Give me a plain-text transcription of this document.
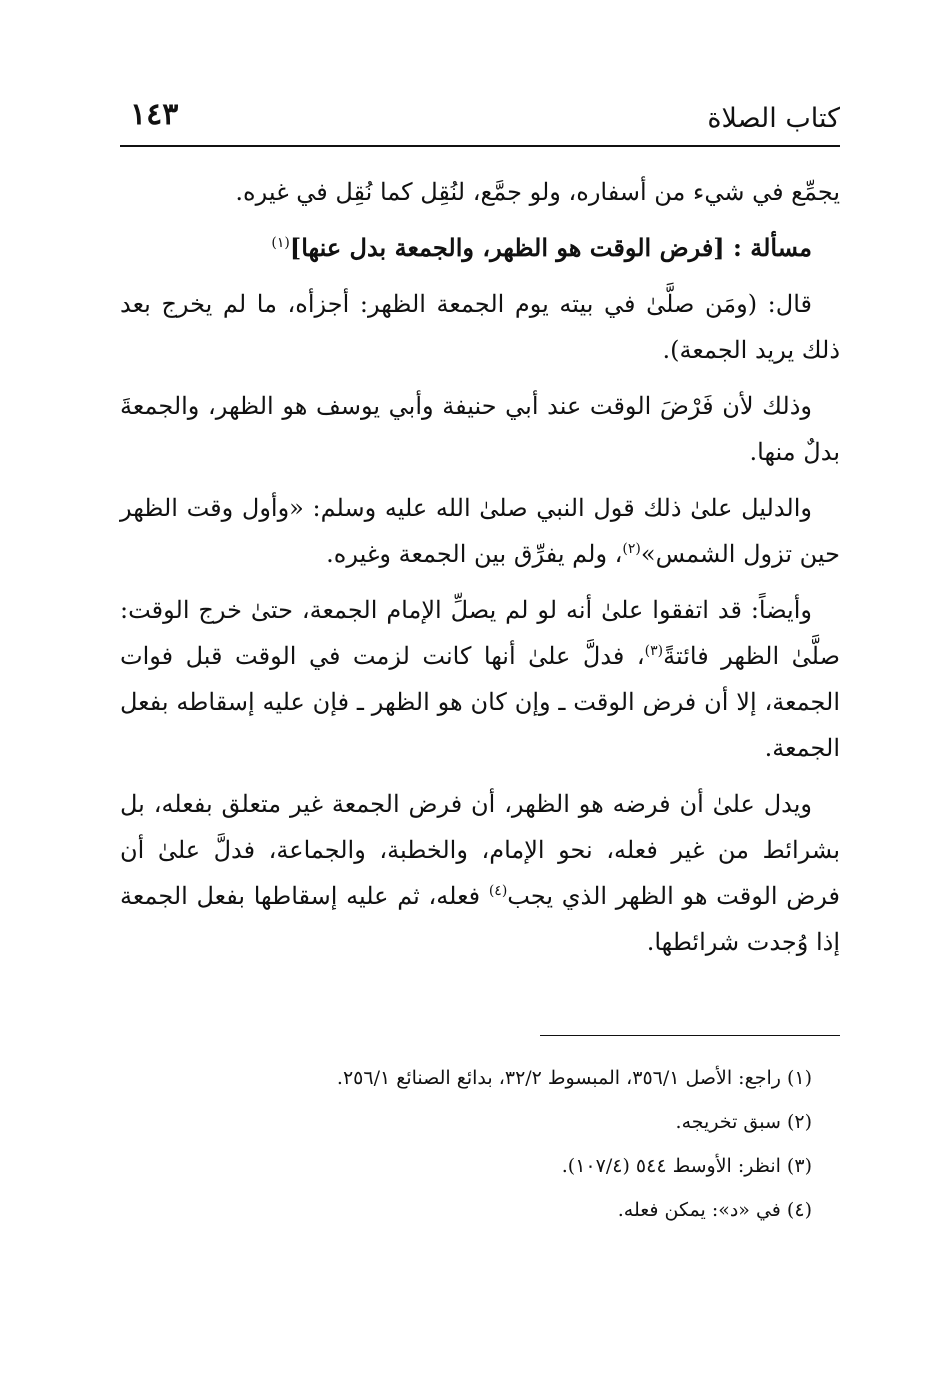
كتاب الصلاة
١٤٣

يجمِّع في شيء من أسفاره، ولو جمَّع، لنُقِل كما نُقِل في غيره.

مسألة : [فرض الوقت هو الظهر، والجمعة بدل عنها]$^{(١)}$

قال: (ومَن صلَّىٰ في بيته يوم الجمعة الظهر: أجزأه، ما لم يخرج بعد ذلك يريد الجمعة).

وذلك لأن فَرْضَ الوقت عند أبي حنيفة وأبي يوسف هو الظهر، والجمعةَ بدلٌ منها.

والدليل علىٰ ذلك قول النبي صلىٰ الله عليه وسلم: «وأول وقت الظهر حين تزول الشمس»$^{(٢)}$، ولم يفرِّق بين الجمعة وغيره.

وأيضاً: قد اتفقوا علىٰ أنه لو لم يصلِّ الإمام الجمعة، حتىٰ خرج الوقت: صلَّىٰ الظهر فائتةً$^{(٣)}$، فدلَّ علىٰ أنها كانت لزمت في الوقت قبل فوات الجمعة، إلا أن فرض الوقت ـ وإن كان هو الظهر ـ فإن عليه إسقاطه بفعل الجمعة.

ويدل علىٰ أن فرضه هو الظهر، أن فرض الجمعة غير متعلق بفعله، بل بشرائط من غير فعله، نحو الإمام، والخطبة، والجماعة، فدلَّ علىٰ أن فرض الوقت هو الظهر الذي يجب$^{(٤)}$ فعله، ثم عليه إسقاطها بفعل الجمعة إذا وُجدت شرائطها.

(١) راجع: الأصل ٣٥٦/١، المبسوط ٣٢/٢، بدائع الصنائع ٢٥٦/١.

(٢) سبق تخريجه.

(٣) انظر: الأوسط ٥٤٤ (١٠٧/٤).

(٤) في «د»: يمكن فعله.
